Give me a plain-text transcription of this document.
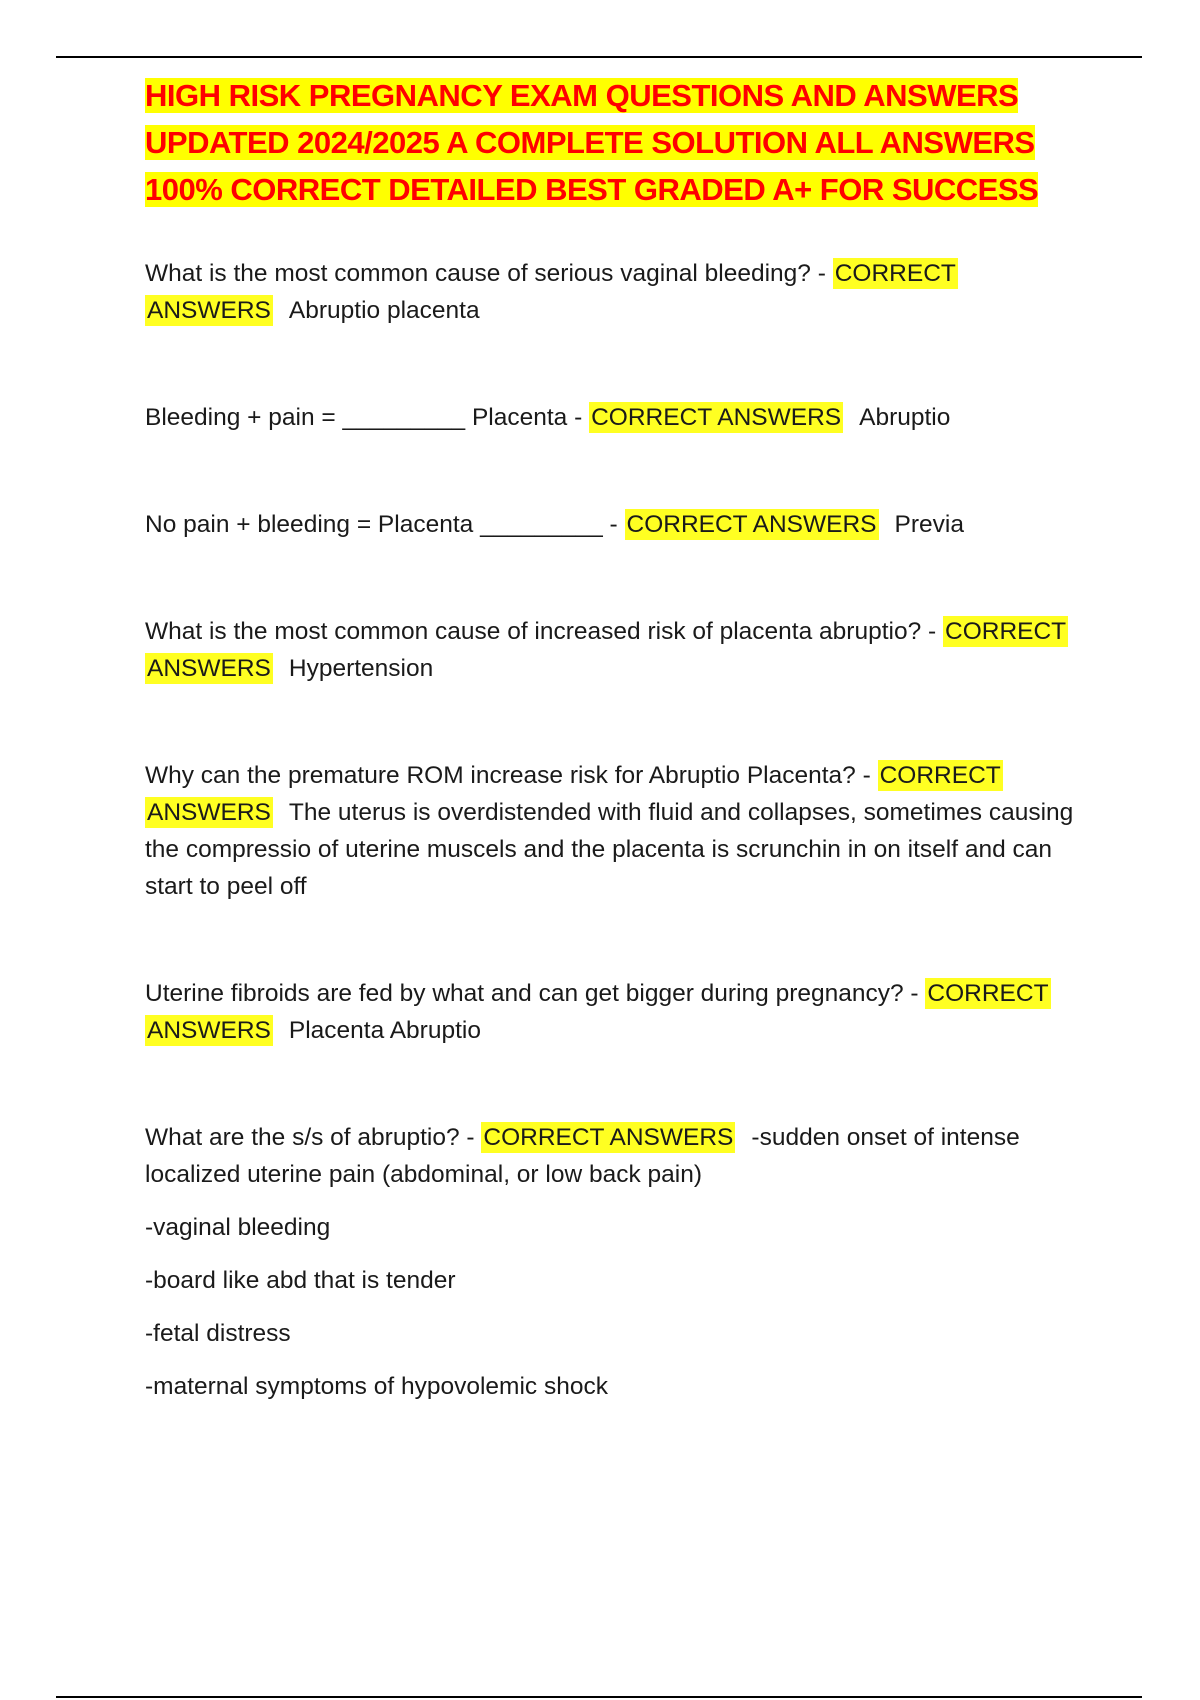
HIGH RISK PREGNANCY EXAM QUESTIONS AND ANSWERS
UPDATED 2024/2025 A COMPLETE SOLUTION ALL ANSWERS
100% CORRECT DETAILED BEST GRADED A+ FOR SUCCESS

What is the most common cause of serious vaginal bleeding? - CORRECT ANSWERS Abruptio placenta

Bleeding + pain = _________ Placenta - CORRECT ANSWERS Abruptio

No pain + bleeding = Placenta _________ - CORRECT ANSWERS Previa

What is the most common cause of increased risk of placenta abruptio? - CORRECT ANSWERS Hypertension

Why can the premature ROM increase risk for Abruptio Placenta? - CORRECT ANSWERS The uterus is overdistended with fluid and collapses, sometimes causing the compressio of uterine muscels and the placenta is scrunchin in on itself and can start to peel off

Uterine fibroids are fed by what and can get bigger during pregnancy? - CORRECT ANSWERS Placenta Abruptio

What are the s/s of abruptio? - CORRECT ANSWERS -sudden onset of intense localized uterine pain (abdominal, or low back pain)

-vaginal bleeding

-board like abd that is tender

-fetal distress

-maternal symptoms of hypovolemic shock
